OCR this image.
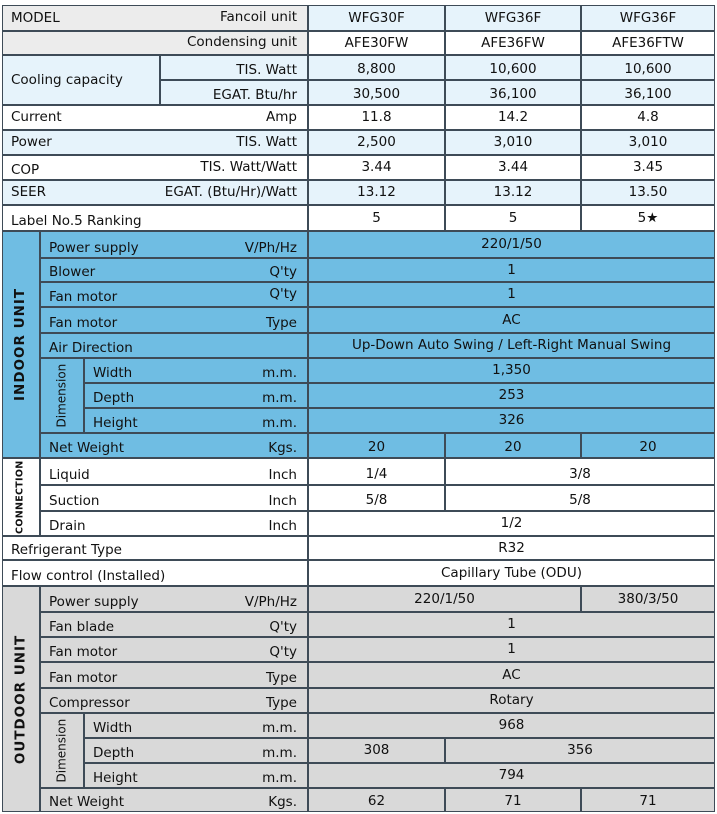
MODEL	Fancoil unit	WFG30F	WFG36F	WFG36F
Condensing unit	AFE30FW	AFE36FW	AFE36FTW
Cooling capacity
TIS. Watt	8,800	10,600	10,600
EGAT. Btu/hr	30,500	36,100	36,100
Current	Amp	11.8	14.2	4.8
Power	TIS. Watt	2,500	3,010	3,010
COP	TIS. Watt/Watt	3.44	3.44	3.45
SEER	EGAT. (Btu/Hr)/Watt	13.12	13.12	13.50
Label No.5 Ranking	5	5	5★
INDOOR UNIT
Power supply	V/Ph/Hz	220/1/50
Blower	Q'ty	1
Fan motor	Q'ty	1
Fan motor	Type	AC
Air Direction	Up-Down Auto Swing / Left-Right Manual Swing
Dimension	Width	m.m.	1,350
Depth	m.m.	253
Height	m.m.	326
Net Weight	Kgs.	20	20	20
CONNECTION	Liquid	Inch	1/4	3/8
Suction	Inch	5/8	5/8
Drain	Inch	1/2
Refrigerant Type	R32
Flow control (Installed)	Capillary Tube (ODU)
OUTDOOR UNIT
Power supply	V/Ph/Hz	220/1/50	380/3/50
Fan blade	Q'ty	1
Fan motor	Q'ty	1
Fan motor	Type	AC
Compressor	Type	Rotary
Dimension	Width	m.m.	968
Depth	m.m.	308	356
Height	m.m.	794
Net Weight	Kgs.	62	71	71
